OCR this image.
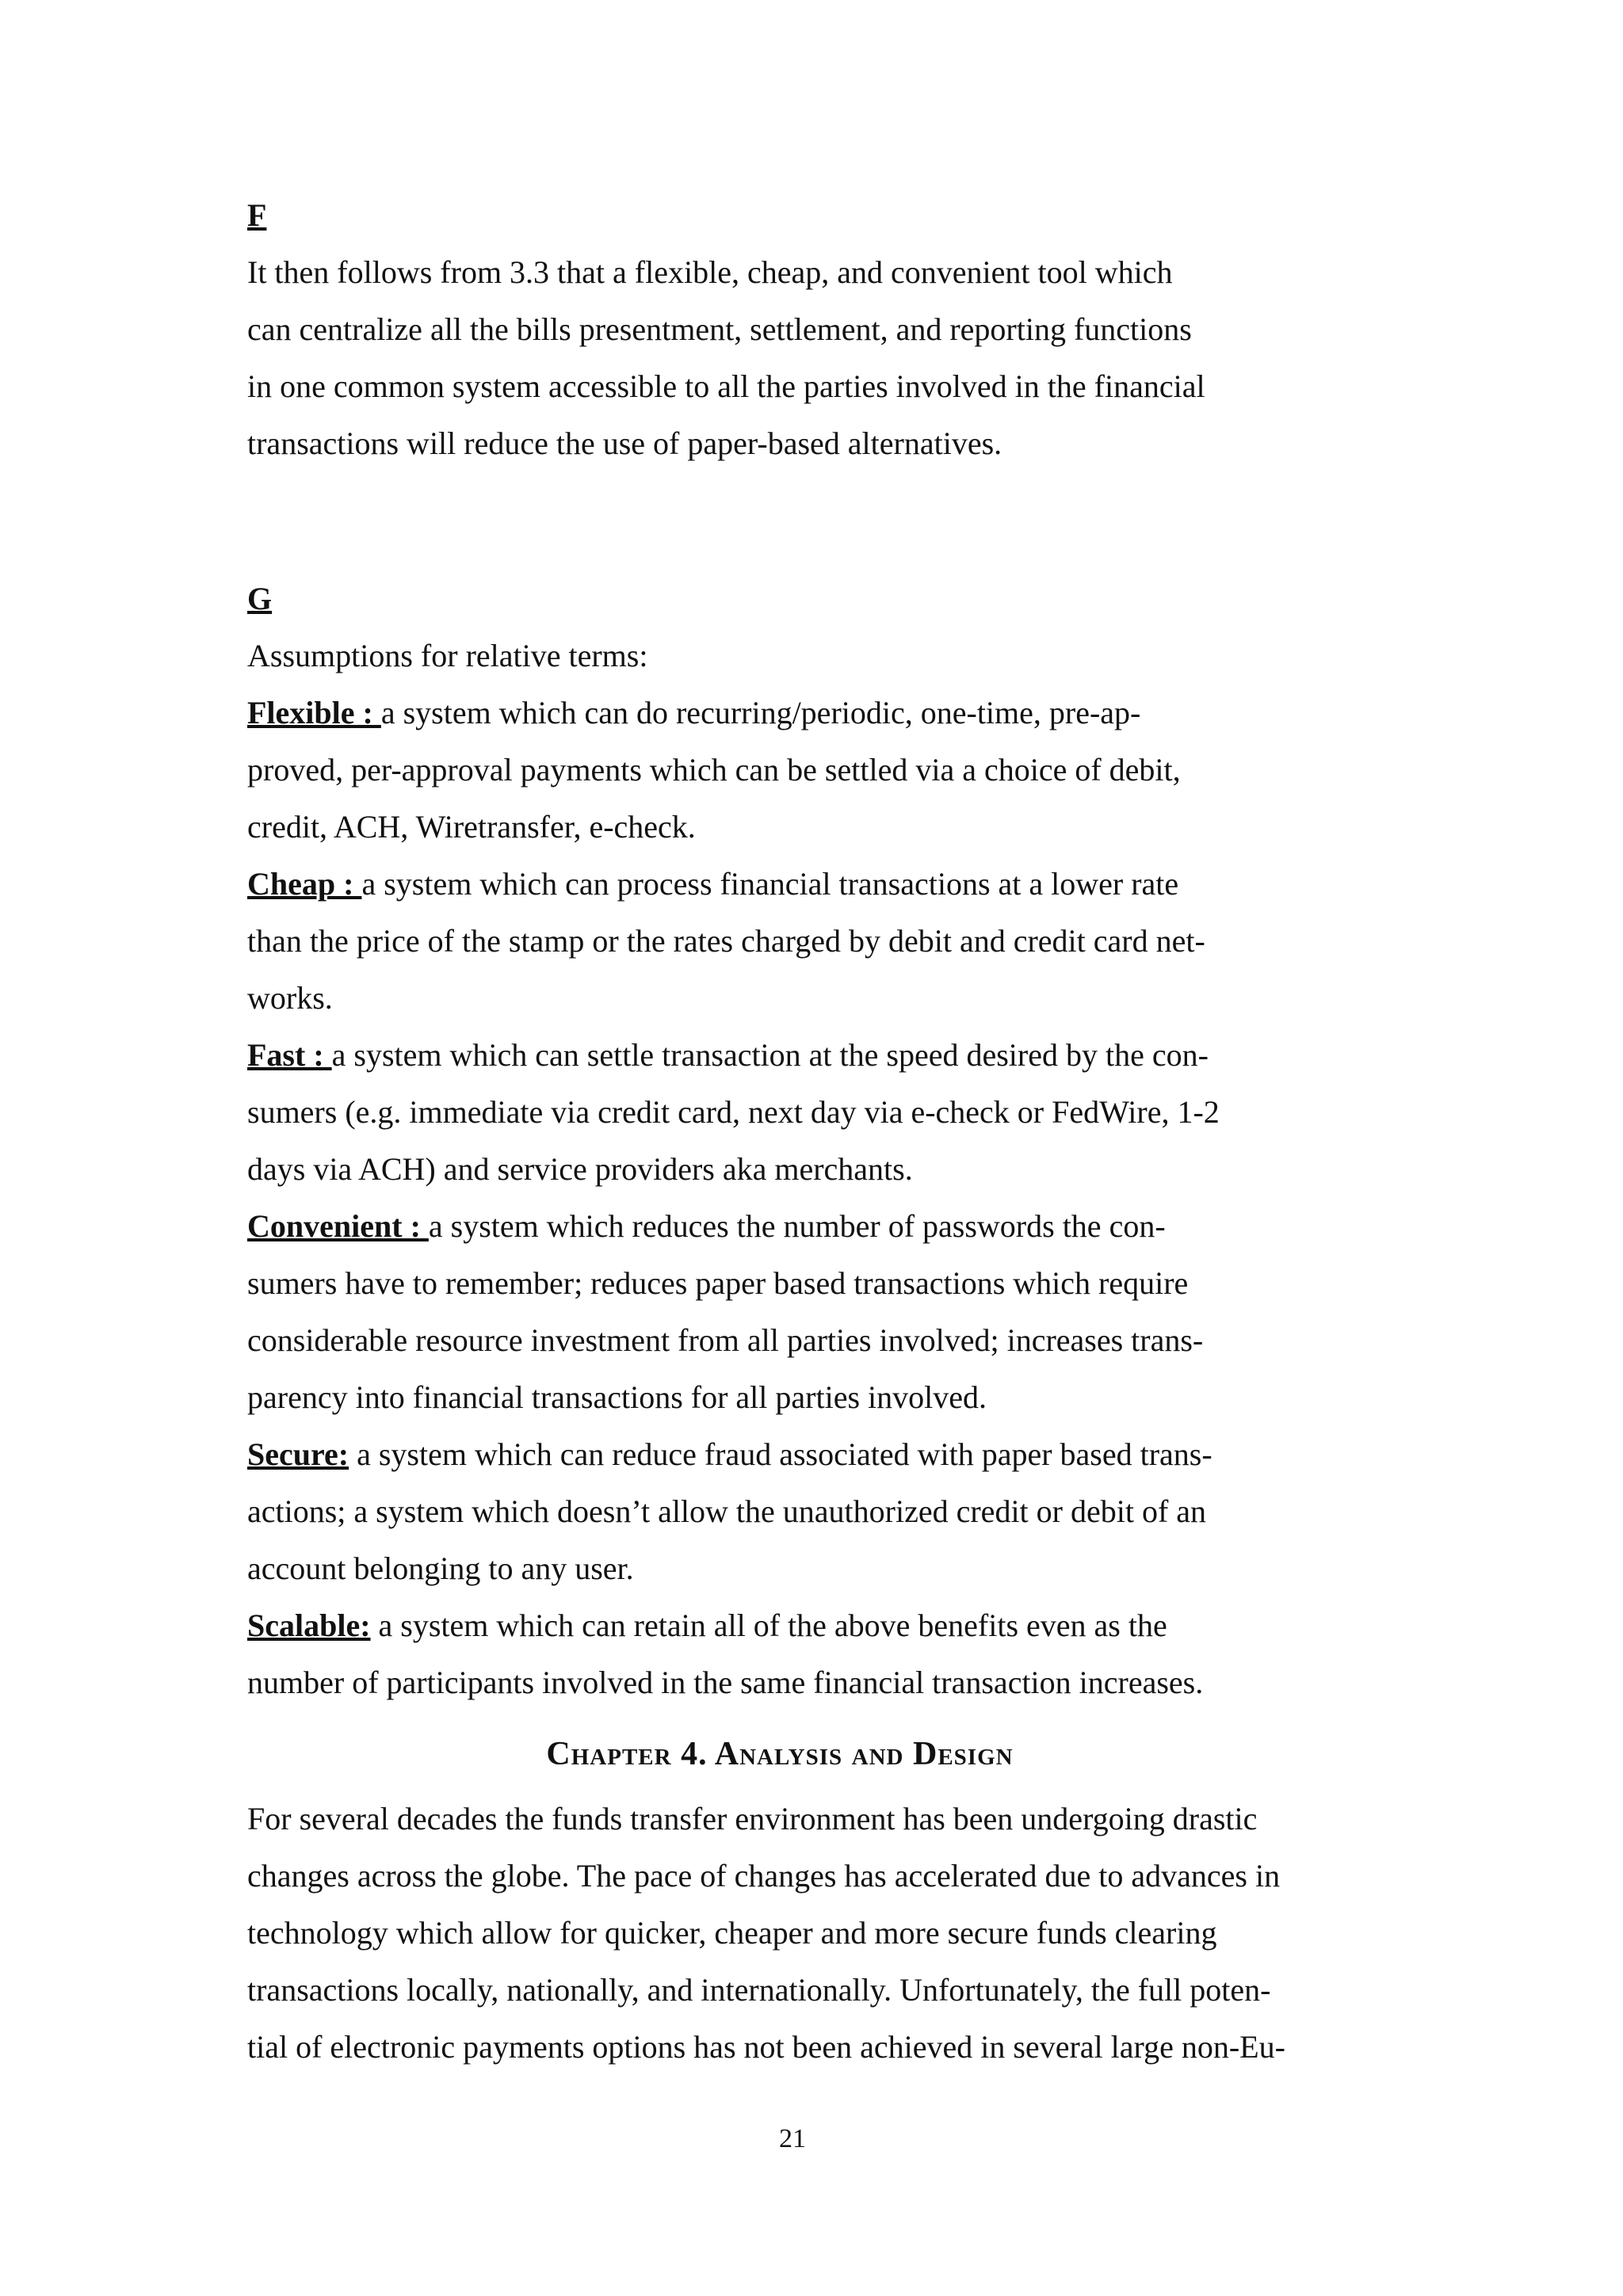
F
It then follows from 3.3 that a flexible, cheap, and convenient tool which
can centralize all the bills presentment, settlement, and reporting functions
in one common system accessible to all the parties involved in the financial
transactions will reduce the use of paper-based alternatives.
G
Assumptions for relative terms:
Flexible : a system which can do recurring/periodic, one-time, pre-ap-
proved, per-approval payments which can be settled via a choice of debit,
credit, ACH, Wiretransfer, e-check.
Cheap : a system which can process financial transactions at a lower rate
than the price of the stamp or the rates charged by debit and credit card net-
works.
Fast : a system which can settle transaction at the speed desired by the con-
sumers (e.g. immediate via credit card, next day via e-check or FedWire, 1-2
days via ACH) and service providers aka merchants.
Convenient : a system which reduces the number of passwords the con-
sumers have to remember; reduces paper based transactions which require
considerable resource investment from all parties involved; increases trans-
parency into financial transactions for all parties involved.
Secure: a system which can reduce fraud associated with paper based trans-
actions; a system which doesn’t allow the unauthorized credit or debit of an
account belonging to any user.
Scalable: a system which can retain all of the above benefits even as the
number of participants involved in the same financial transaction increases.
Chapter 4. Analysis and Design
For several decades the funds transfer environment has been undergoing drastic
changes across the globe. The pace of changes has accelerated due to advances in
technology which allow for quicker, cheaper and more secure funds clearing
transactions locally, nationally, and internationally. Unfortunately, the full poten-
tial of electronic payments options has not been achieved in several large non-Eu-
21
